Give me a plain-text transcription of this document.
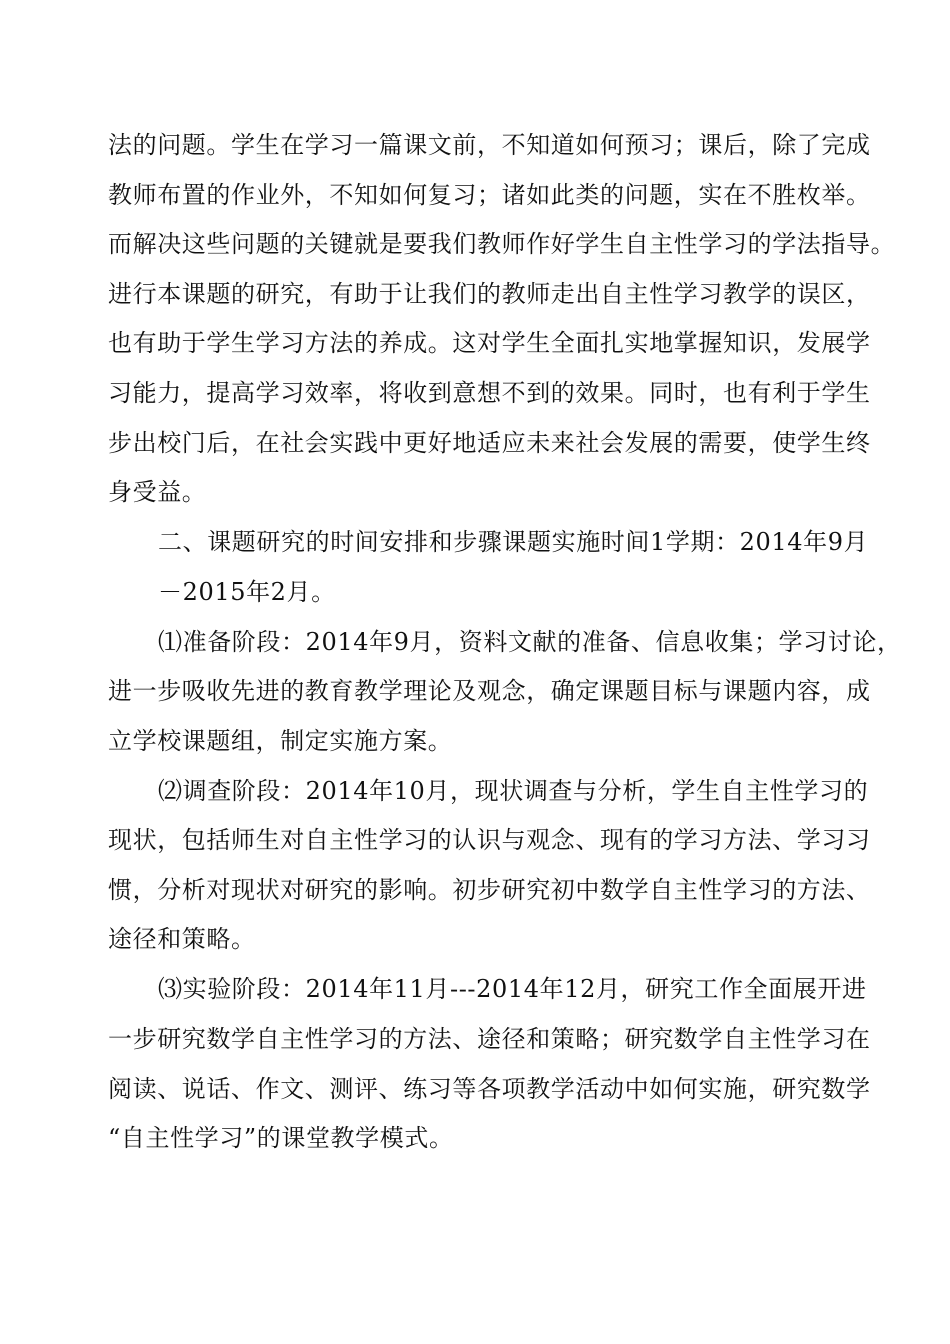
法的问题。学生在学习一篇课文前，不知道如何预习；课后，除了完成
教师布置的作业外，不知如何复习；诸如此类的问题，实在不胜枚举。
而解决这些问题的关键就是要我们教师作好学生自主性学习的学法指导。
进行本课题的研究，有助于让我们的教师走出自主性学习教学的误区，
也有助于学生学习方法的养成。这对学生全面扎实地掌握知识，发展学
习能力，提高学习效率，将收到意想不到的效果。同时，也有利于学生
步出校门后，在社会实践中更好地适应未来社会发展的需要，使学生终
身受益。
二、课题研究的时间安排和步骤课题实施时间1学期：2014年9月
－2015年2月。
⑴准备阶段：2014年9月，资料文献的准备、信息收集；学习讨论，
进一步吸收先进的教育教学理论及观念，确定课题目标与课题内容，成
立学校课题组，制定实施方案。
⑵调查阶段：2014年10月，现状调查与分析，学生自主性学习的
现状，包括师生对自主性学习的认识与观念、现有的学习方法、学习习
惯，分析对现状对研究的影响。初步研究初中数学自主性学习的方法、
途径和策略。
⑶实验阶段：2014年11月---2014年12月，研究工作全面展开进
一步研究数学自主性学习的方法、途径和策略；研究数学自主性学习在
阅读、说话、作文、测评、练习等各项教学活动中如何实施，研究数学
“自主性学习”的课堂教学模式。
